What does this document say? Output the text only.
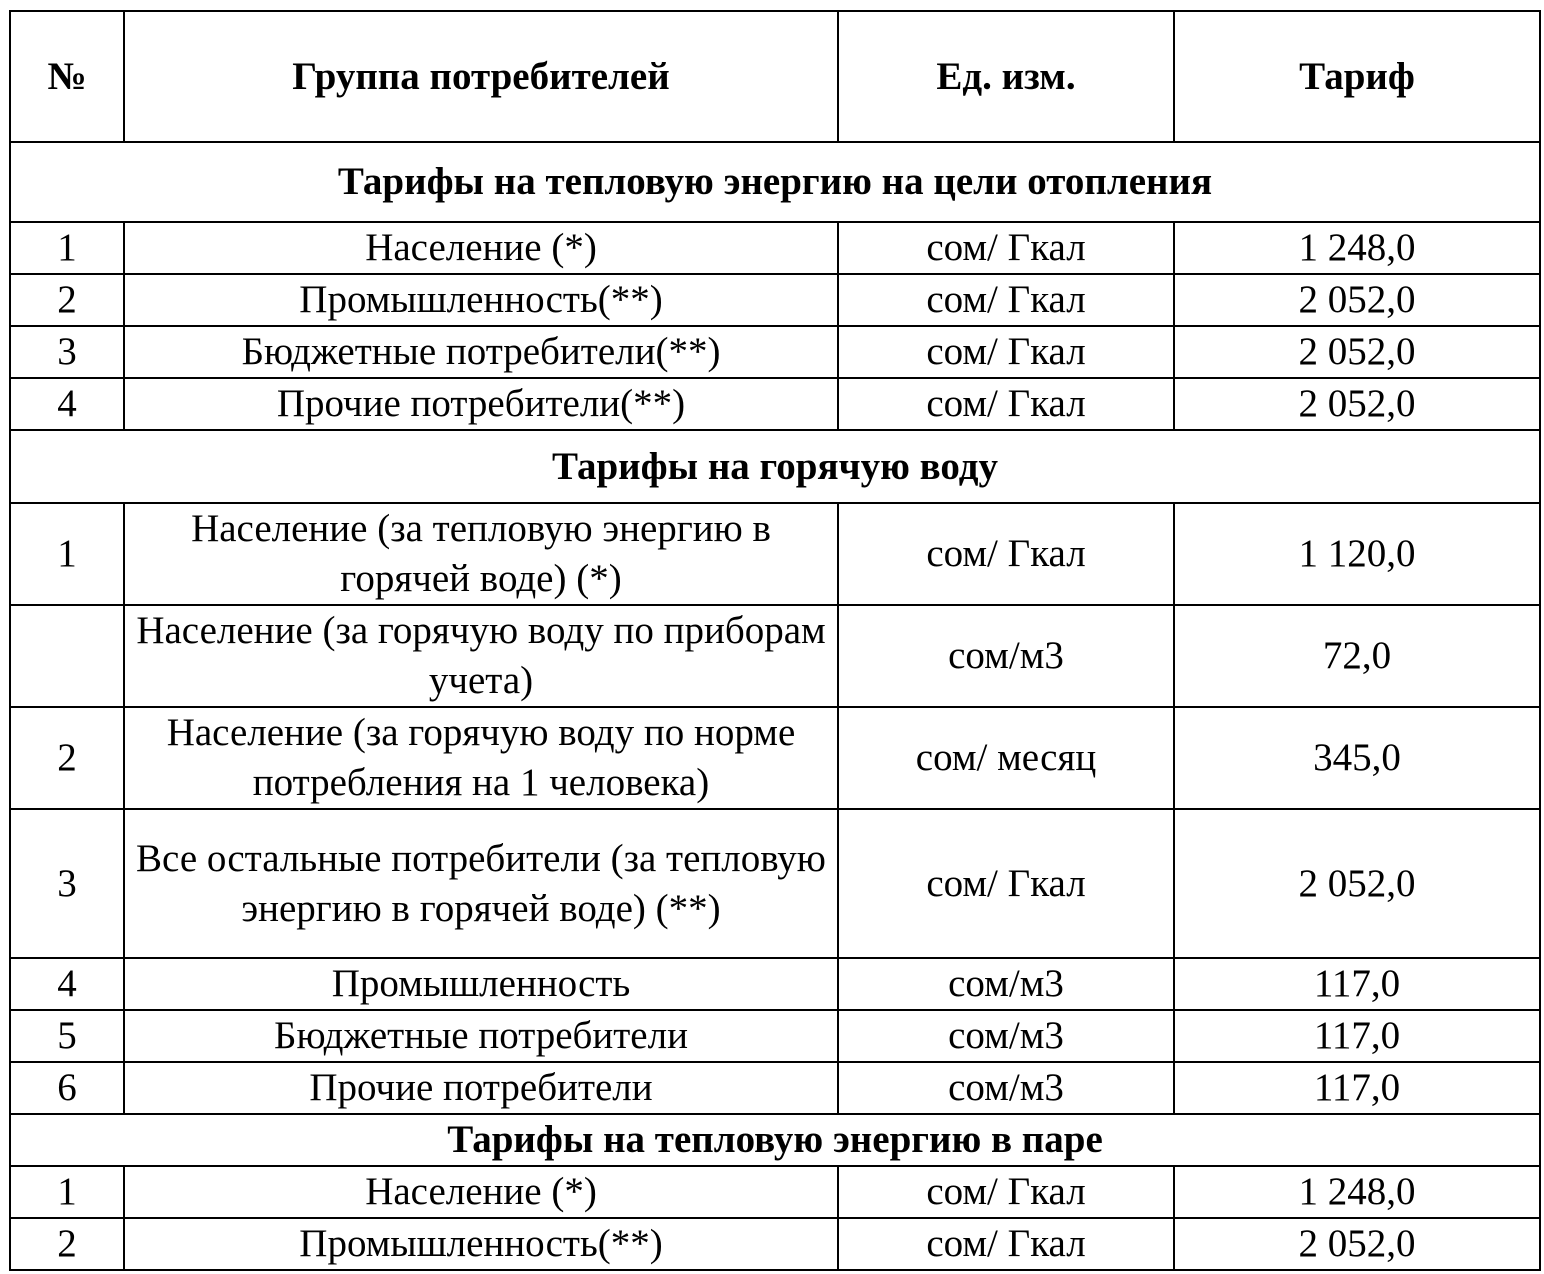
№	Группа потребителей	Ед. изм.	Тариф
Тарифы на тепловую энергию на цели отопления			
1	Население (*)	сом/ Гкал	1 248,0
2	Промышленность(**)	сом/ Гкал	2 052,0
3	Бюджетные потребители(**)	сом/ Гкал	2 052,0
4	Прочие потребители(**)	сом/ Гкал	2 052,0
Тарифы на горячую воду			
1	Население (за тепловую энергию в горячей воде) (*)	сом/ Гкал	1 120,0
	Население (за горячую воду по приборам учета)	сом/м3	72,0
2	Население (за горячую воду по норме потребления на 1 человека)	сом/ месяц	345,0
3	Все остальные потребители (за тепловую энергию в горячей воде) (**)	сом/ Гкал	2 052,0
4	Промышленность	сом/м3	117,0
5	Бюджетные потребители	сом/м3	117,0
6	Прочие потребители	сом/м3	117,0
Тарифы на тепловую энергию в паре			
1	Население (*)	сом/ Гкал	1 248,0
2	Промышленность(**)	сом/ Гкал	2 052,0
